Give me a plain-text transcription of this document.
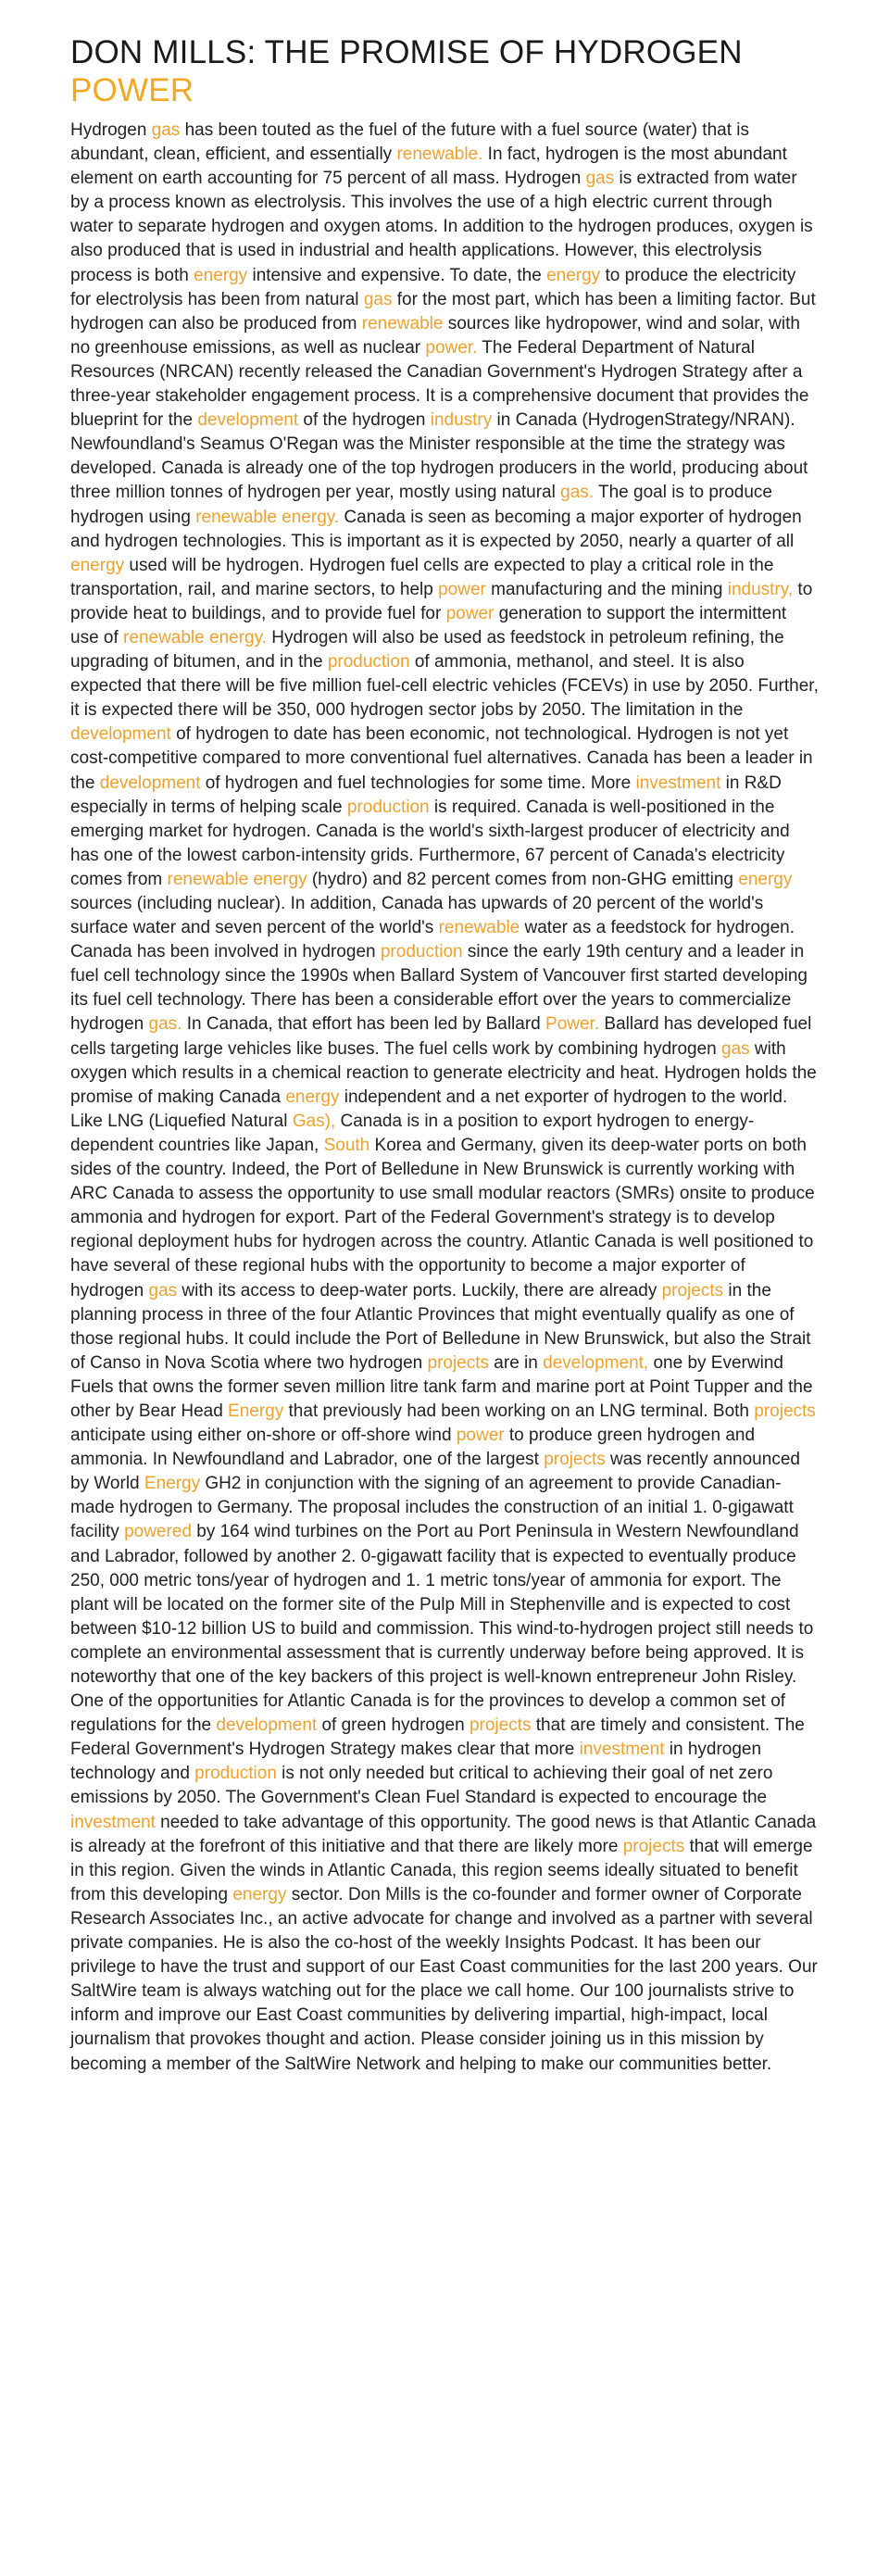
DON MILLS: THE PROMISE OF HYDROGEN
POWER

Hydrogen gas has been touted as the fuel of the future with a fuel source (water) that is abundant, clean, efficient, and essentially renewable. In fact, hydrogen is the most abundant element on earth accounting for 75 percent of all mass. Hydrogen gas is extracted from water by a process known as electrolysis. This involves the use of a high electric current through water to separate hydrogen and oxygen atoms. In addition to the hydrogen produces, oxygen is also produced that is used in industrial and health applications. However, this electrolysis process is both energy intensive and expensive. To date, the energy to produce the electricity for electrolysis has been from natural gas for the most part, which has been a limiting factor. But hydrogen can also be produced from renewable sources like hydropower, wind and solar, with no greenhouse emissions, as well as nuclear power. The Federal Department of Natural Resources (NRCAN) recently released the Canadian Government's Hydrogen Strategy after a three-year stakeholder engagement process. It is a comprehensive document that provides the blueprint for the development of the hydrogen industry in Canada (HydrogenStrategy/NRAN). Newfoundland's Seamus O'Regan was the Minister responsible at the time the strategy was developed. Canada is already one of the top hydrogen producers in the world, producing about three million tonnes of hydrogen per year, mostly using natural gas. The goal is to produce hydrogen using renewable energy. Canada is seen as becoming a major exporter of hydrogen and hydrogen technologies. This is important as it is expected by 2050, nearly a quarter of all energy used will be hydrogen. Hydrogen fuel cells are expected to play a critical role in the transportation, rail, and marine sectors, to help power manufacturing and the mining industry, to provide heat to buildings, and to provide fuel for power generation to support the intermittent use of renewable energy. Hydrogen will also be used as feedstock in petroleum refining, the upgrading of bitumen, and in the production of ammonia, methanol, and steel. It is also expected that there will be five million fuel-cell electric vehicles (FCEVs) in use by 2050. Further, it is expected there will be 350, 000 hydrogen sector jobs by 2050. The limitation in the development of hydrogen to date has been economic, not technological. Hydrogen is not yet cost-competitive compared to more conventional fuel alternatives. Canada has been a leader in the development of hydrogen and fuel technologies for some time. More investment in R&D especially in terms of helping scale production is required. Canada is well-positioned in the emerging market for hydrogen. Canada is the world's sixth-largest producer of electricity and has one of the lowest carbon-intensity grids. Furthermore, 67 percent of Canada's electricity comes from renewable energy (hydro) and 82 percent comes from non-GHG emitting energy sources (including nuclear). In addition, Canada has upwards of 20 percent of the world's surface water and seven percent of the world's renewable water as a feedstock for hydrogen. Canada has been involved in hydrogen production since the early 19th century and a leader in fuel cell technology since the 1990s when Ballard System of Vancouver first started developing its fuel cell technology. There has been a considerable effort over the years to commercialize hydrogen gas. In Canada, that effort has been led by Ballard Power. Ballard has developed fuel cells targeting large vehicles like buses. The fuel cells work by combining hydrogen gas with oxygen which results in a chemical reaction to generate electricity and heat. Hydrogen holds the promise of making Canada energy independent and a net exporter of hydrogen to the world. Like LNG (Liquefied Natural Gas), Canada is in a position to export hydrogen to energy-dependent countries like Japan, South Korea and Germany, given its deep-water ports on both sides of the country. Indeed, the Port of Belledune in New Brunswick is currently working with ARC Canada to assess the opportunity to use small modular reactors (SMRs) onsite to produce ammonia and hydrogen for export. Part of the Federal Government's strategy is to develop regional deployment hubs for hydrogen across the country. Atlantic Canada is well positioned to have several of these regional hubs with the opportunity to become a major exporter of hydrogen gas with its access to deep-water ports. Luckily, there are already projects in the planning process in three of the four Atlantic Provinces that might eventually qualify as one of those regional hubs. It could include the Port of Belledune in New Brunswick, but also the Strait of Canso in Nova Scotia where two hydrogen projects are in development, one by Everwind Fuels that owns the former seven million litre tank farm and marine port at Point Tupper and the other by Bear Head Energy that previously had been working on an LNG terminal. Both projects anticipate using either on-shore or off-shore wind power to produce green hydrogen and ammonia. In Newfoundland and Labrador, one of the largest projects was recently announced by World Energy GH2 in conjunction with the signing of an agreement to provide Canadian-made hydrogen to Germany. The proposal includes the construction of an initial 1. 0-gigawatt facility powered by 164 wind turbines on the Port au Port Peninsula in Western Newfoundland and Labrador, followed by another 2. 0-gigawatt facility that is expected to eventually produce 250, 000 metric tons/year of hydrogen and 1. 1 metric tons/year of ammonia for export. The plant will be located on the former site of the Pulp Mill in Stephenville and is expected to cost between $10-12 billion US to build and commission. This wind-to-hydrogen project still needs to complete an environmental assessment that is currently underway before being approved. It is noteworthy that one of the key backers of this project is well-known entrepreneur John Risley. One of the opportunities for Atlantic Canada is for the provinces to develop a common set of regulations for the development of green hydrogen projects that are timely and consistent. The Federal Government's Hydrogen Strategy makes clear that more investment in hydrogen technology and production is not only needed but critical to achieving their goal of net zero emissions by 2050. The Government's Clean Fuel Standard is expected to encourage the investment needed to take advantage of this opportunity. The good news is that Atlantic Canada is already at the forefront of this initiative and that there are likely more projects that will emerge in this region. Given the winds in Atlantic Canada, this region seems ideally situated to benefit from this developing energy sector. Don Mills is the co-founder and former owner of Corporate Research Associates Inc., an active advocate for change and involved as a partner with several private companies. He is also the co-host of the weekly Insights Podcast. It has been our privilege to have the trust and support of our East Coast communities for the last 200 years. Our SaltWire team is always watching out for the place we call home. Our 100 journalists strive to inform and improve our East Coast communities by delivering impartial, high-impact, local journalism that provokes thought and action. Please consider joining us in this mission by becoming a member of the SaltWire Network and helping to make our communities better.
